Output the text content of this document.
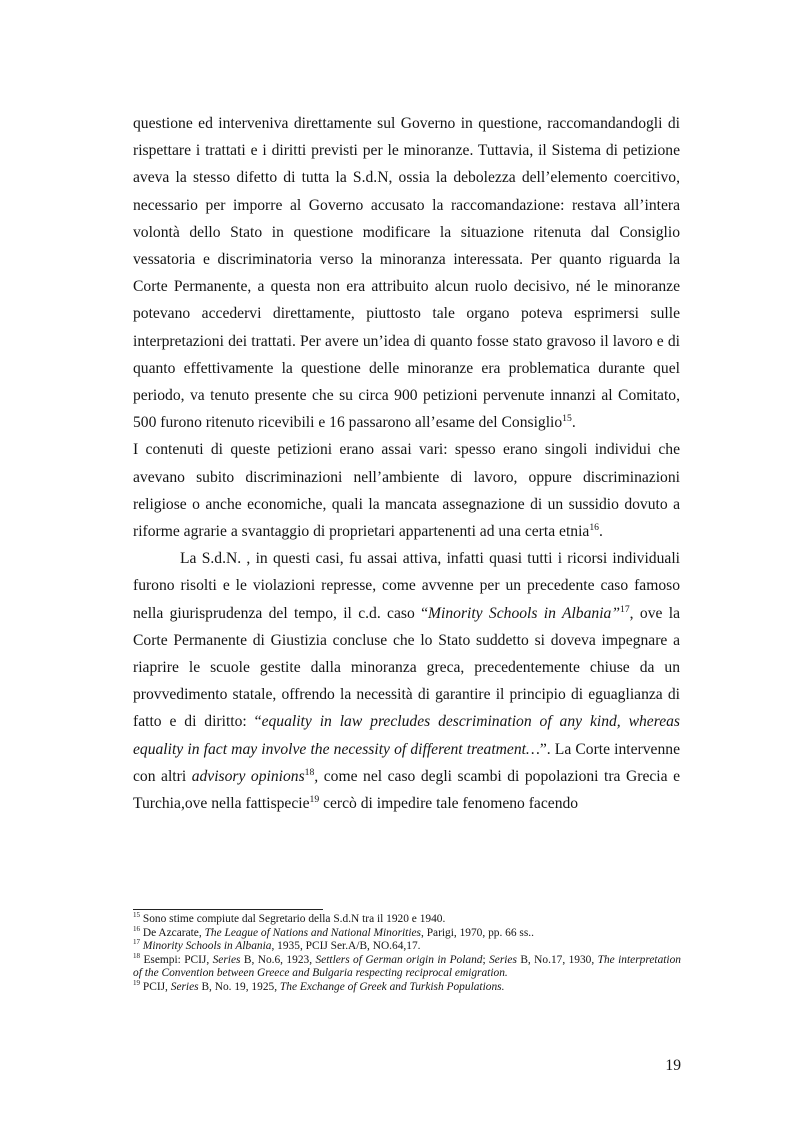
questione ed interveniva direttamente sul Governo in questione, raccomandandogli di rispettare i trattati e i diritti previsti per le minoranze. Tuttavia, il Sistema di petizione aveva la stesso difetto di tutta la S.d.N, ossia la debolezza dell’elemento coercitivo, necessario per imporre al Governo accusato la raccomandazione: restava all’intera volontà dello Stato in questione modificare la situazione ritenuta dal Consiglio vessatoria e discriminatoria verso la minoranza interessata. Per quanto riguarda la Corte Permanente, a questa non era attribuito alcun ruolo decisivo, né le minoranze potevano accedervi direttamente, piuttosto tale organo poteva esprimersi sulle interpretazioni dei trattati. Per avere un’idea di quanto fosse stato gravoso il lavoro e di quanto effettivamente la questione delle minoranze era problematica durante quel periodo, va tenuto presente che su circa 900 petizioni pervenute innanzi al Comitato, 500 furono ritenuto ricevibili e 16 passarono all’esame del Consiglio$^{15}$.

I contenuti di queste petizioni erano assai vari: spesso erano singoli individui che avevano subito discriminazioni nell’ambiente di lavoro, oppure discriminazioni religiose o anche economiche, quali la mancata assegnazione di un sussidio dovuto a riforme agrarie a svantaggio di proprietari appartenenti ad una certa etnia$^{16}$.

La S.d.N. , in questi casi, fu assai attiva, infatti quasi tutti i ricorsi individuali furono risolti e le violazioni represse, come avvenne per un precedente caso famoso nella giurisprudenza del tempo, il c.d. caso “Minority Schools in Albania”$^{17}$, ove la Corte Permanente di Giustizia concluse che lo Stato suddetto si doveva impegnare a riaprire le scuole gestite dalla minoranza greca, precedentemente chiuse da un provvedimento statale, offrendo la necessità di garantire il principio di eguaglianza di fatto e di diritto: “equality in law precludes descrimination of any kind, whereas equality in fact may involve the necessity of different treatment…”. La Corte intervenne con altri advisory opinions$^{18}$, come nel caso degli scambi di popolazioni tra Grecia e Turchia,ove nella fattispecie$^{19}$ cercò di impedire tale fenomeno facendo

$^{15}$ Sono stime compiute dal Segretario della S.d.N tra il 1920 e 1940.

$^{16}$ De Azcarate, The League of Nations and National Minorities, Parigi, 1970, pp. 66 ss..

$^{17}$ Minority Schools in Albania, 1935, PCIJ Ser.A/B, NO.64,17.

$^{18}$ Esempi: PCIJ, Series B, No.6, 1923, Settlers of German origin in Poland; Series B, No.17, 1930, The interpretation of the Convention between Greece and Bulgaria respecting reciprocal emigration.

$^{19}$ PCIJ, Series B, No. 19, 1925, The Exchange of Greek and Turkish Populations.

19
